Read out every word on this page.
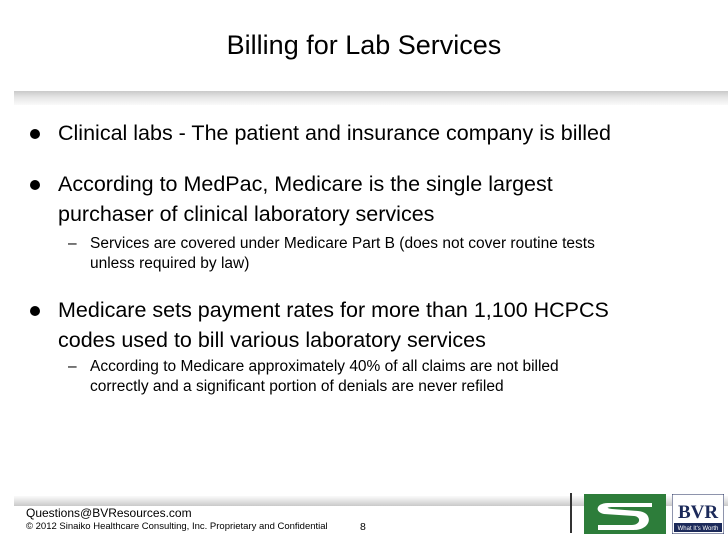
Billing for Lab Services
Clinical labs - The patient and insurance company is billed
According to MedPac, Medicare is the single largest
purchaser of clinical laboratory services
– Services are covered under Medicare Part B (does not cover routine tests
unless required by law)
Medicare sets payment rates for more than 1,100 HCPCS
codes used to bill various laboratory services
– According to Medicare approximately 40% of all claims are not billed
correctly and a significant portion of denials are never refiled
Questions@BVResources.com
© 2012 Sinaiko Healthcare Consulting, Inc. Proprietary and Confidential	8
BVR
What It's Worth
